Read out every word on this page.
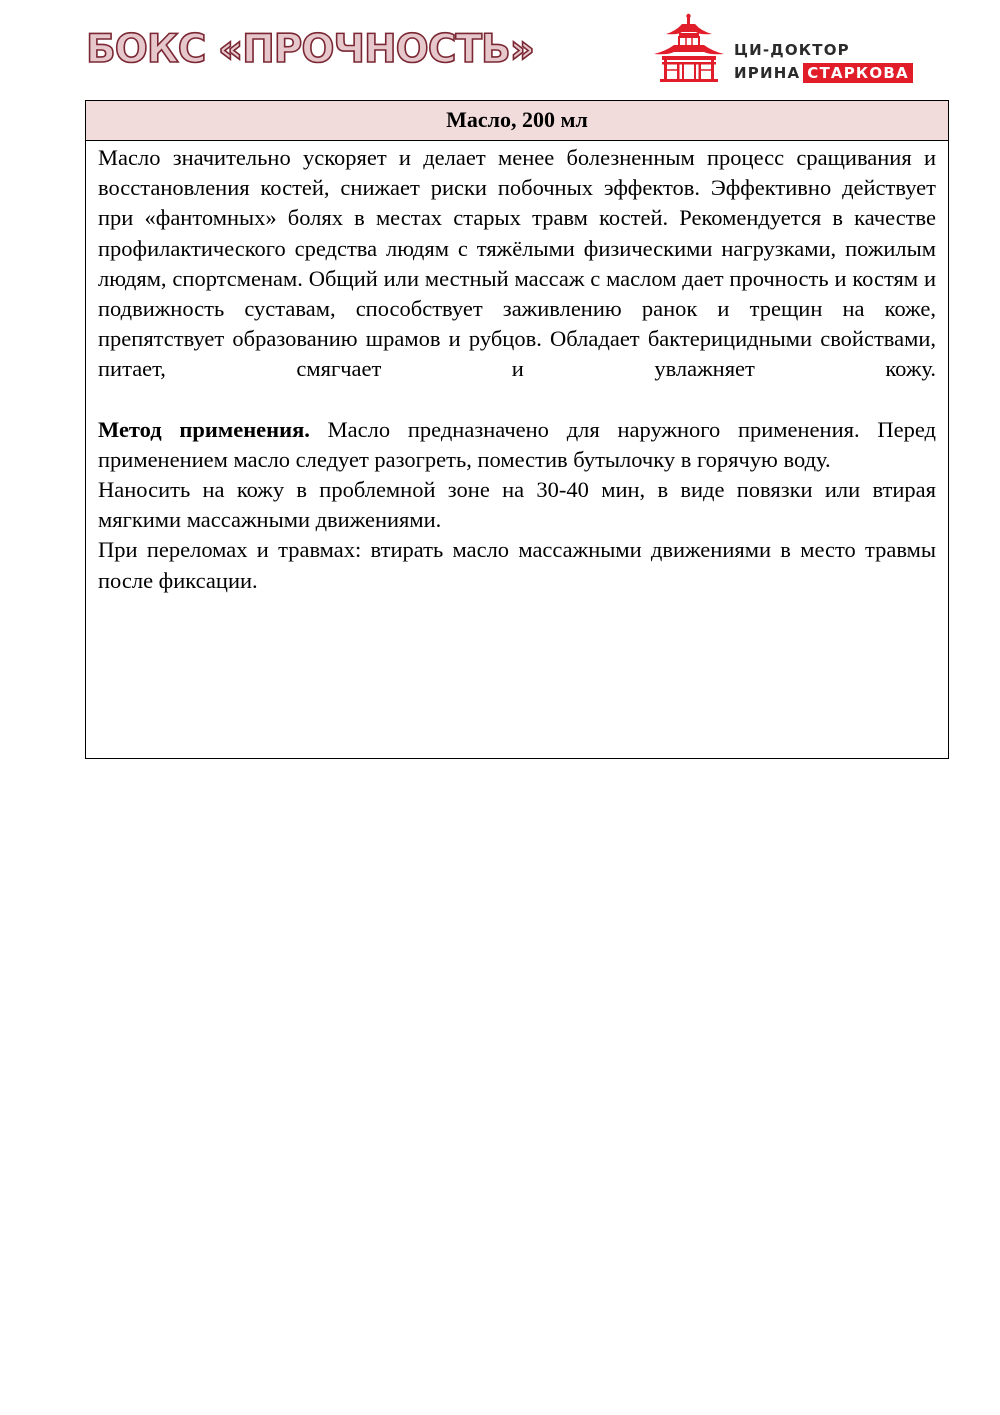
БОКС «ПРОЧНОСТЬ»	ЦИ-ДОКТОР
ИРИНА СТАРКОВА
Масло, 200 мл

Масло значительно ускоряет и делает менее болезненным процесс сращивания и восстановления костей, снижает риски побочных эффектов. Эффективно действует при «фантомных» болях в местах старых травм костей. Рекомендуется в качестве профилактического средства людям с тяжёлыми физическими нагрузками, пожилым людям, спортсменам. Общий или местный массаж с маслом дает прочность и костям и подвижность суставам, способствует заживлению ранок и трещин на коже, препятствует образованию шрамов и рубцов. Обладает бактерицидными свойствами, питает, смягчает и увлажняет кожу.

Метод применения. Масло предназначено для наружного применения. Перед применением масло следует разогреть, поместив бутылочку в горячую воду.

Наносить на кожу в проблемной зоне на 30-40 мин, в виде повязки или втирая мягкими массажными движениями.

При переломах и травмах: втирать масло массажными движениями в место травмы после фиксации.
